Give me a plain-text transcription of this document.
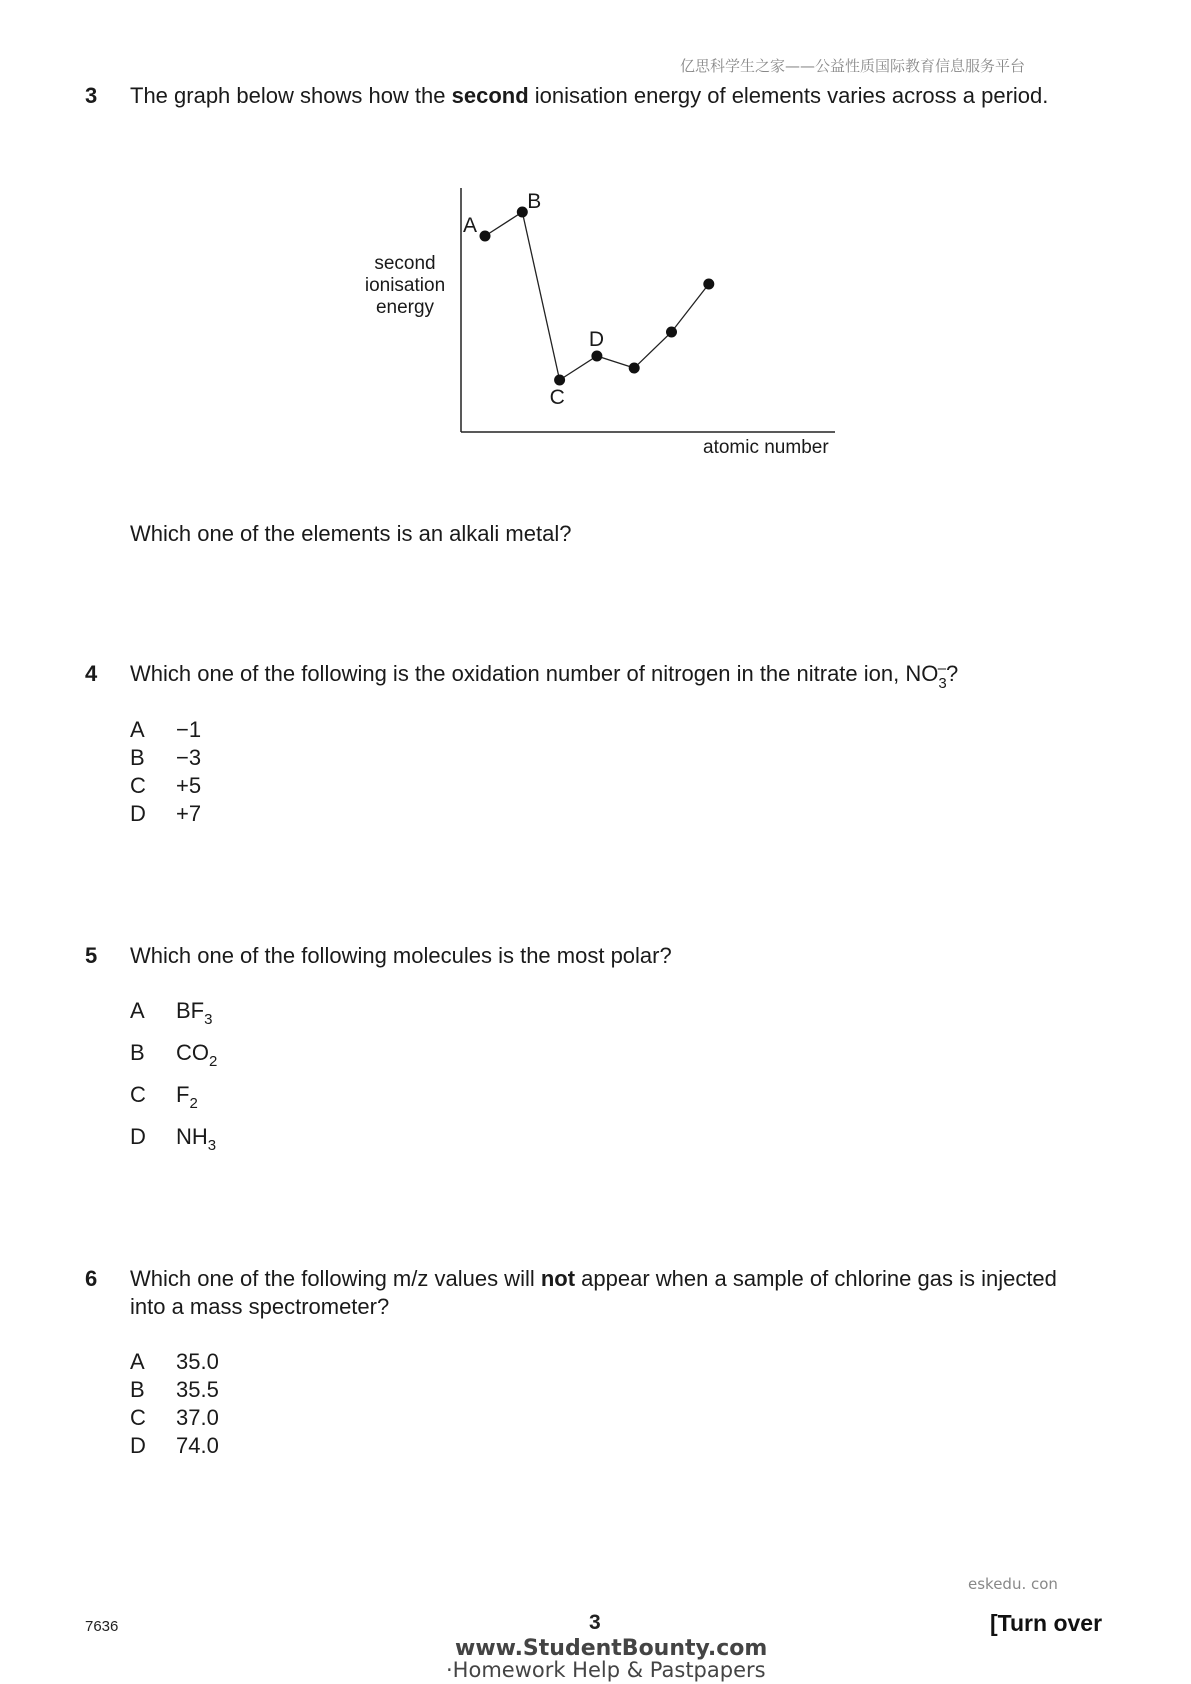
亿思科学生之家——公益性质国际教育信息服务平台
3 The graph below shows how the second ionisation energy of elements varies across a period.
second
ionisation
energy
atomic number
A
B
C
D
Which one of the elements is an alkali metal?
4 Which one of the following is the oxidation number of nitrogen in the nitrate ion, $NO_3^-$?
A −1
B −3
C +5
D +7
5 Which one of the following molecules is the most polar?
A $BF_3$
B $CO_2$
C $F_2$
D $NH_3$
6 Which one of the following m/z values will not appear when a sample of chlorine gas is injected into a mass spectrometer?
A 35.0
B 35.5
C 37.0
D 74.0
eskedu. con
7636	3	[Turn over
www.StudentBounty.com
·Homework Help & Pastpapers
